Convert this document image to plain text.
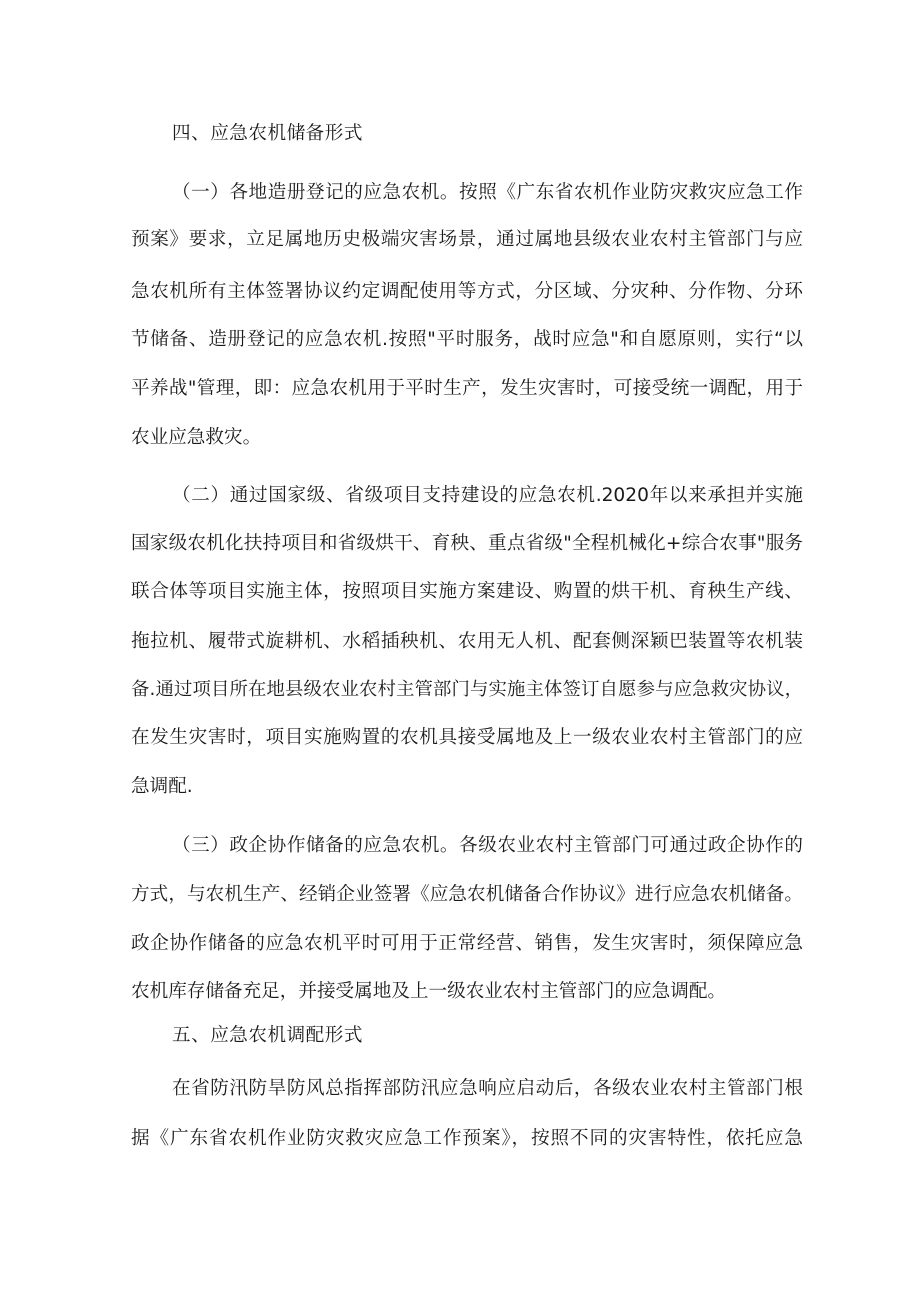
四、应急农机储备形式
（一）各地造册登记的应急农机。按照《广东省农机作业防灾救灾应急工作
预案》要求，立足属地历史极端灾害场景，通过属地县级农业农村主管部门与应
急农机所有主体签署协议约定调配使用等方式，分区域、分灾种、分作物、分环
节储备、造册登记的应急农机.按照"平时服务，战时应急"和自愿原则，实行“以
平养战"管理，即：应急农机用于平时生产，发生灾害时，可接受统一调配，用于
农业应急救灾。
（二）通过国家级、省级项目支持建设的应急农机.2020年以来承担并实施
国家级农机化扶持项目和省级烘干、育秧、重点省级"全程机械化+综合农事"服务
联合体等项目实施主体，按照项目实施方案建设、购置的烘干机、育秧生产线、
拖拉机、履带式旋耕机、水稻插秧机、农用无人机、配套侧深颖巴装置等农机装
备.通过项目所在地县级农业农村主管部门与实施主体签订自愿参与应急救灾协议，
在发生灾害时，项目实施购置的农机具接受属地及上一级农业农村主管部门的应
急调配.
（三）政企协作储备的应急农机。各级农业农村主管部门可通过政企协作的
方式，与农机生产、经销企业签署《应急农机储备合作协议》进行应急农机储备。
政企协作储备的应急农机平时可用于正常经营、销售，发生灾害时，须保障应急
农机库存储备充足，并接受属地及上一级农业农村主管部门的应急调配。
五、应急农机调配形式
在省防汛防旱防风总指挥部防汛应急响应启动后，各级农业农村主管部门根
据《广东省农机作业防灾救灾应急工作预案》，按照不同的灾害特性，依托应急
